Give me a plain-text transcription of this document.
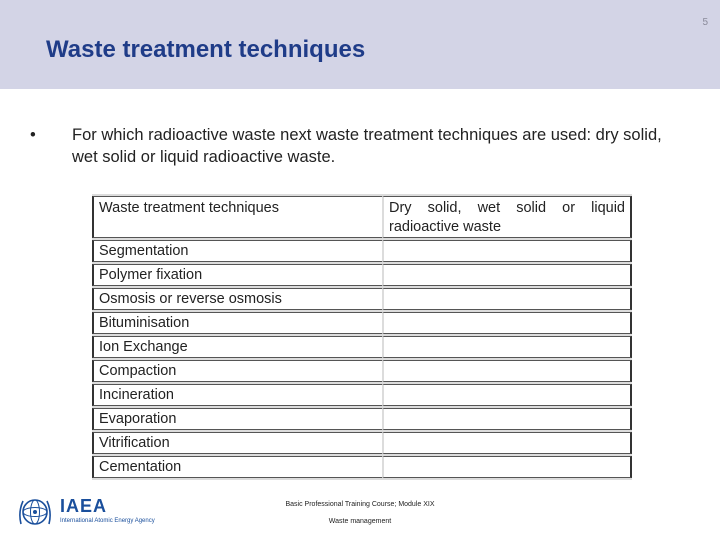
5
Waste treatment techniques
• For which radioactive waste next waste treatment techniques are used: dry solid, wet solid or liquid radioactive waste.
Waste treatment techniques	Dry solid, wet solid or liquid radioactive waste
Segmentation	
Polymer fixation	
Osmosis or reverse osmosis	
Bituminisation	
Ion Exchange	
Compaction	
Incineration	
Evaporation	
Vitrification	
Cementation	
IAEA
International Atomic Energy Agency
Basic Professional Training Course; Module XIX
Waste management
